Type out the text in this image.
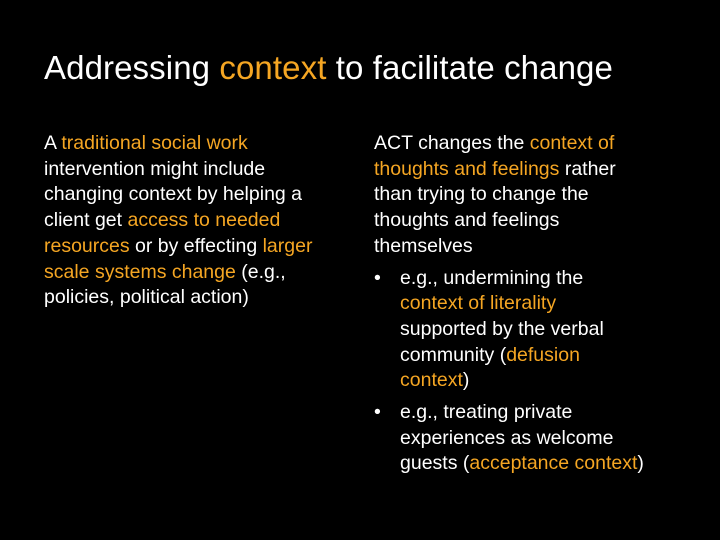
Addressing context to facilitate change
A traditional social work
intervention might include
changing context by helping a
client get access to needed
resources or by effecting larger
scale systems change (e.g.,
policies, political action)
ACT changes the context of
thoughts and feelings rather
than trying to change the
thoughts and feelings
themselves
• e.g., undermining the
context of literality
supported by the verbal
community (defusion
context)
• e.g., treating private
experiences as welcome
guests (acceptance context)
